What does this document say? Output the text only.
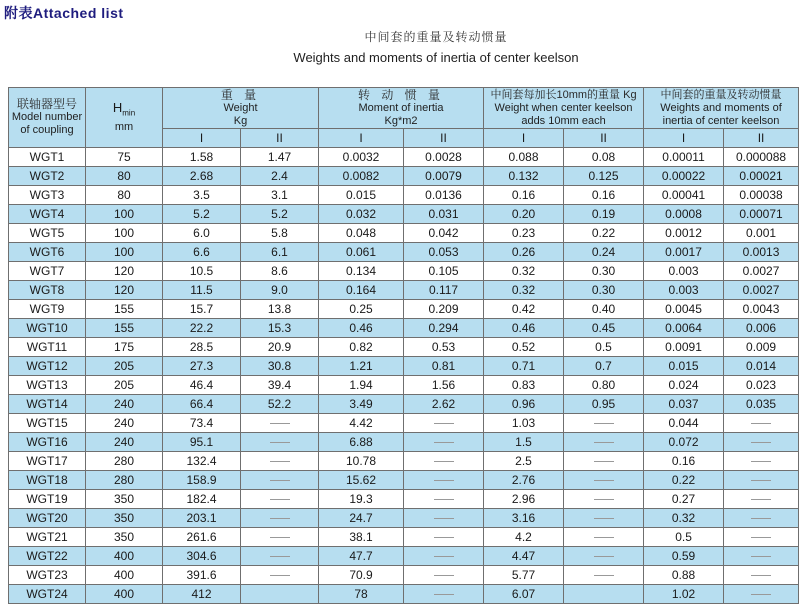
附表Attached list
中间套的重量及转动惯量
Weights and moments of inertia of center keelson
联轴器型号
Model number
of coupling

$H_{min}$
mm

重 量
Weight
Kg

转 动 惯 量
Moment of inertia
Kg*m2

中间套每加长10mm的重量 Kg
Weight when center keelson
adds 10mm each

中间套的重量及转动惯量
Weights and moments of
inertia of center keelson

		I	II	I	II	I	II	I	II
WGT1	75	1.58	1.47	0.0032	0.0028	0.088	0.08	0.00011	0.000088
WGT2	80	2.68	2.4	0.0082	0.0079	0.132	0.125	0.00022	0.00021
WGT3	80	3.5	3.1	0.015	0.0136	0.16	0.16	0.00041	0.00038
WGT4	100	5.2	5.2	0.032	0.031	0.20	0.19	0.0008	0.00071
WGT5	100	6.0	5.8	0.048	0.042	0.23	0.22	0.0012	0.001
WGT6	100	6.6	6.1	0.061	0.053	0.26	0.24	0.0017	0.0013
WGT7	120	10.5	8.6	0.134	0.105	0.32	0.30	0.003	0.0027
WGT8	120	11.5	9.0	0.164	0.117	0.32	0.30	0.003	0.0027
WGT9	155	15.7	13.8	0.25	0.209	0.42	0.40	0.0045	0.0043
WGT10	155	22.2	15.3	0.46	0.294	0.46	0.45	0.0064	0.006
WGT11	175	28.5	20.9	0.82	0.53	0.52	0.5	0.0091	0.009
WGT12	205	27.3	30.8	1.21	0.81	0.71	0.7	0.015	0.014
WGT13	205	46.4	39.4	1.94	1.56	0.83	0.80	0.024	0.023
WGT14	240	66.4	52.2	3.49	2.62	0.96	0.95	0.037	0.035
WGT15	240	73.4		4.42		1.03		0.044	
WGT16	240	95.1		6.88		1.5		0.072	
WGT17	280	132.4		10.78		2.5		0.16	
WGT18	280	158.9		15.62		2.76		0.22	
WGT19	350	182.4		19.3		2.96		0.27	
WGT20	350	203.1		24.7		3.16		0.32	
WGT21	350	261.6		38.1		4.2		0.5	
WGT22	400	304.6		47.7		4.47		0.59	
WGT23	400	391.6		70.9		5.77		0.88	
WGT24	400	412		78		6.07		1.02	
